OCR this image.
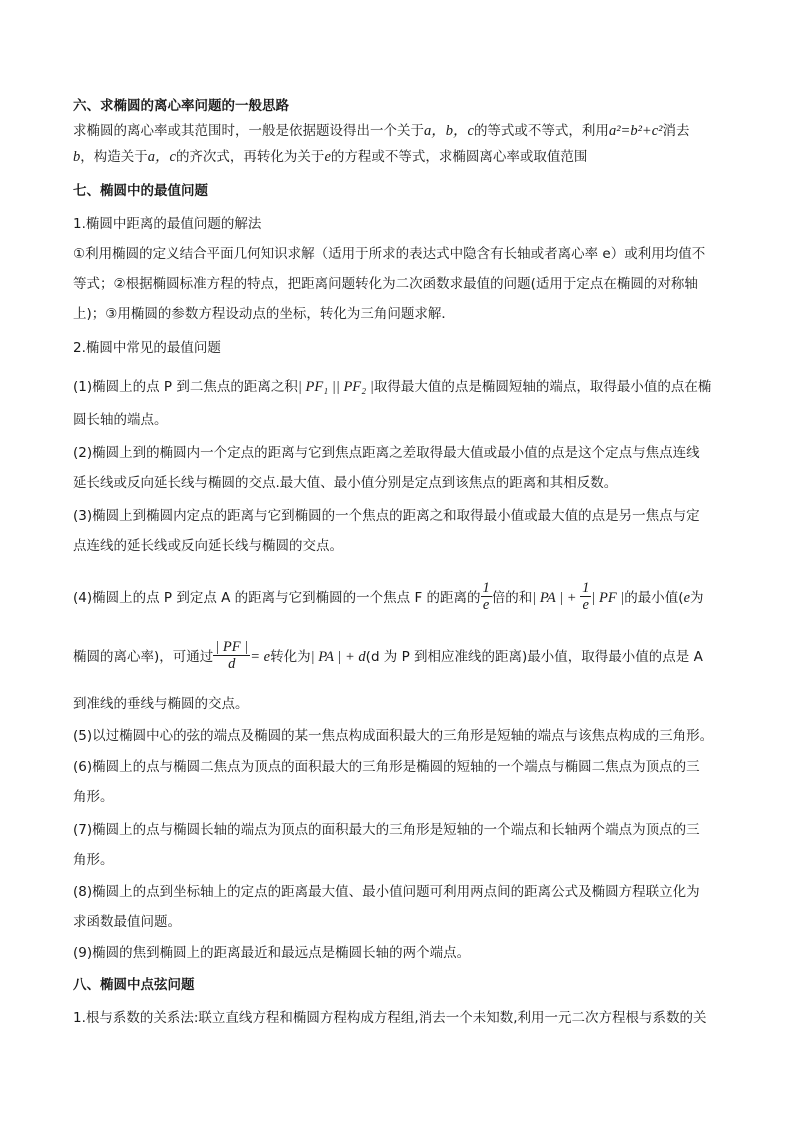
六、求椭圆的离心率问题的一般思路
求椭圆的离心率或其范围时，一般是依据题设得出一个关于a，b，c的等式或不等式，利用a²=b²+c²消去
b，构造关于a，c的齐次式，再转化为关于e的方程或不等式，求椭圆离心率或取值范围
七、椭圆中的最值问题
1.椭圆中距离的最值问题的解法
①利用椭圆的定义结合平面几何知识求解（适用于所求的表达式中隐含有长轴或者离心率 e）或利用均值不
等式；②根据椭圆标准方程的特点，把距离问题转化为二次函数求最值的问题(适用于定点在椭圆的对称轴
上)；③用椭圆的参数方程设动点的坐标，转化为三角问题求解．
2.椭圆中常见的最值问题
(1)椭圆上的点 P 到二焦点的距离之积| PF₁ || PF₂ |取得最大值的点是椭圆短轴的端点，取得最小值的点在椭
圆长轴的端点。
(2)椭圆上到的椭圆内一个定点的距离与它到焦点距离之差取得最大值或最小值的点是这个定点与焦点连线
延长线或反向延长线与椭圆的交点.最大值、最小值分别是定点到该焦点的距离和其相反数。
(3)椭圆上到椭圆内定点的距离与它到椭圆的一个焦点的距离之和取得最小值或最大值的点是另一焦点与定
点连线的延长线或反向延长线与椭圆的交点。
(4)椭圆上的点 P 到定点 A 的距离与它到椭圆的一个焦点 F 的距离的 $\frac{1}{e}$ 倍的和| PA | + $\frac{1}{e}$ | PF |的最小值(e为
椭圆的离心率)，可通过 $\frac{| PF |}{d} = e$转化为| PA | + d(d 为 P 到相应准线的距离)最小值，取得最小值的点是 A
到准线的垂线与椭圆的交点。
(5)以过椭圆中心的弦的端点及椭圆的某一焦点构成面积最大的三角形是短轴的端点与该焦点构成的三角形。
(6)椭圆上的点与椭圆二焦点为顶点的面积最大的三角形是椭圆的短轴的一个端点与椭圆二焦点为顶点的三
角形。
(7)椭圆上的点与椭圆长轴的端点为顶点的面积最大的三角形是短轴的一个端点和长轴两个端点为顶点的三
角形。
(8)椭圆上的点到坐标轴上的定点的距离最大值、最小值问题可利用两点间的距离公式及椭圆方程联立化为
求函数最值问题。
(9)椭圆的焦到椭圆上的距离最近和最远点是椭圆长轴的两个端点。
八、椭圆中点弦问题
1.根与系数的关系法:联立直线方程和椭圆方程构成方程组,消去一个未知数,利用一元二次方程根与系数的关
